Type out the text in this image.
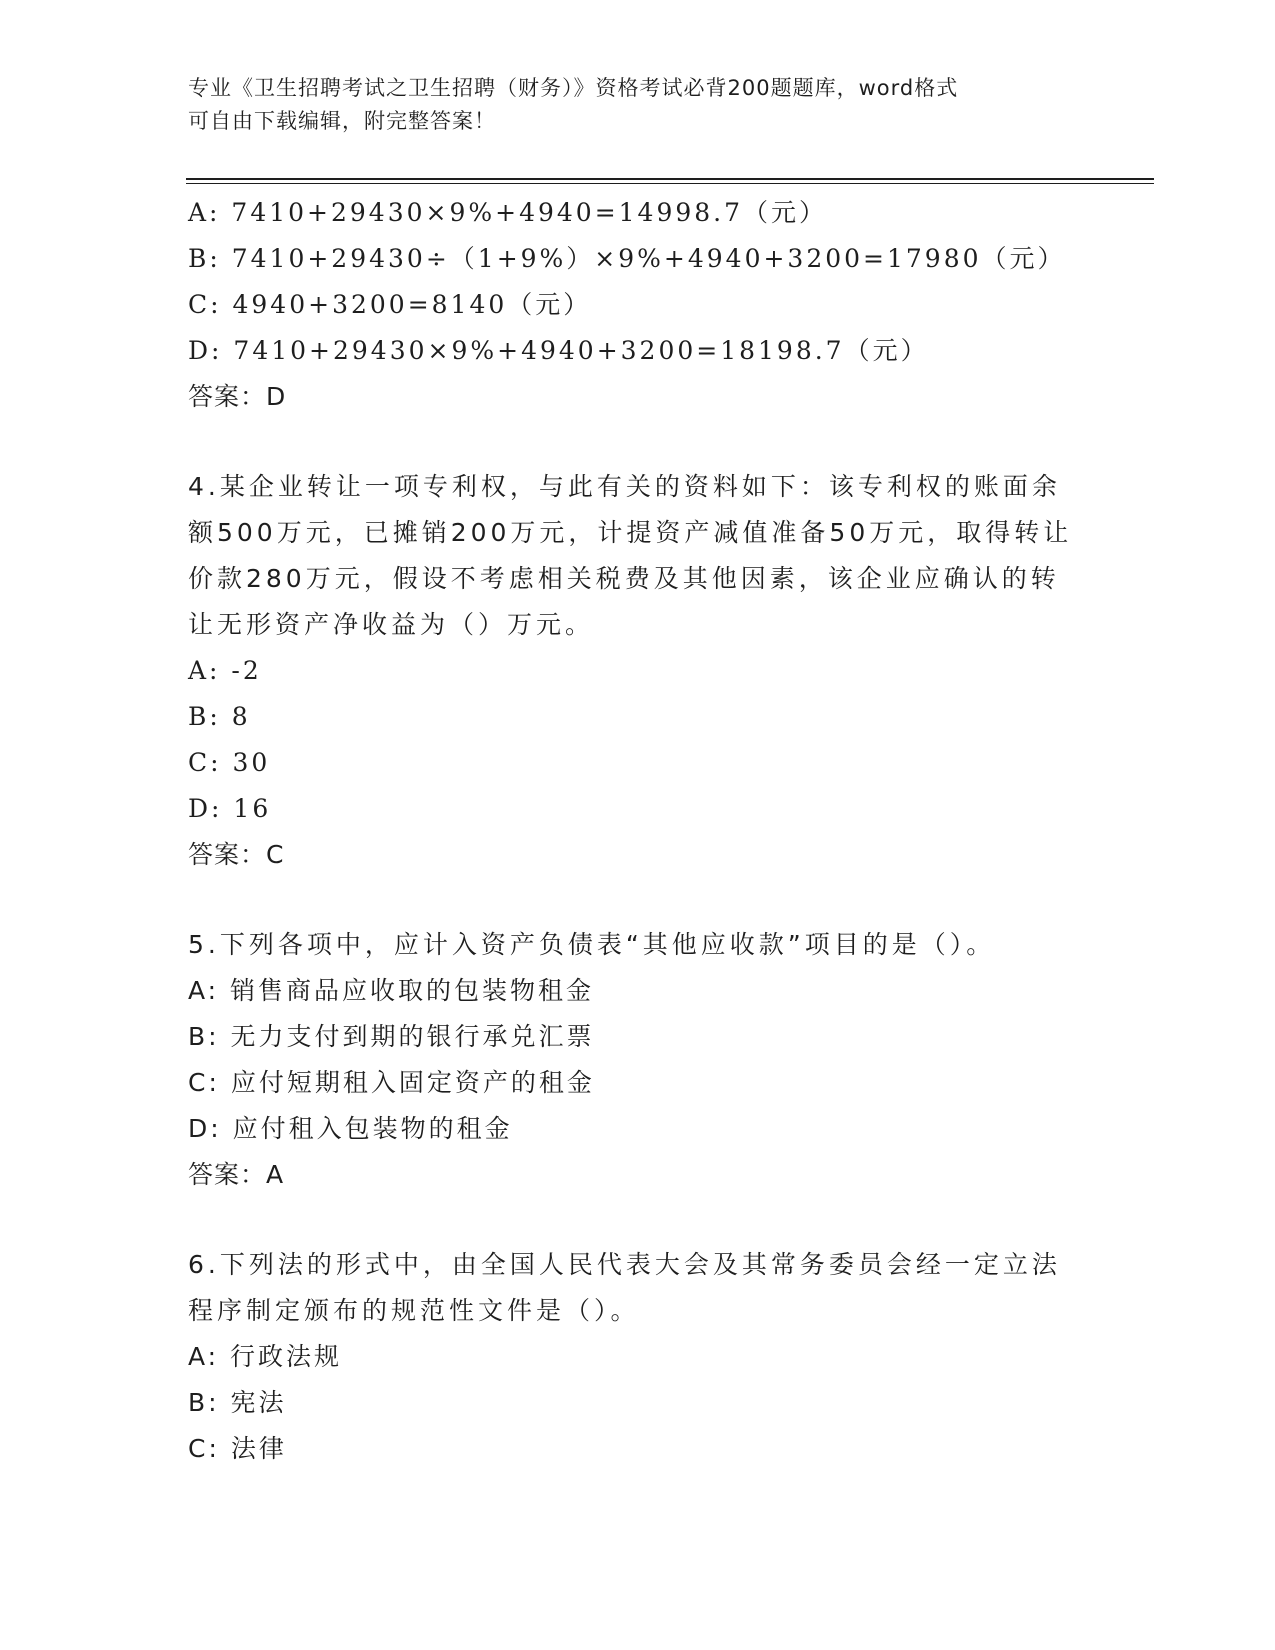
专业《卫生招聘考试之卫生招聘（财务）》资格考试必背200题题库，word格式
可自由下载编辑，附完整答案！
A: 7410+29430×9%+4940=14998.7（元）
B: 7410+29430÷（1+9%）×9%+4940+3200=17980（元）
C: 4940+3200=8140（元）
D: 7410+29430×9%+4940+3200=18198.7（元）
答案：D
4.某企业转让一项专利权，与此有关的资料如下：该专利权的账面余
额500万元，已摊销200万元，计提资产减值准备50万元，取得转让
价款280万元，假设不考虑相关税费及其他因素，该企业应确认的转
让无形资产净收益为（）万元。
A: -2
B: 8
C: 30
D: 16
答案：C
5.下列各项中，应计入资产负债表“其他应收款”项目的是（）。
A: 销售商品应收取的包装物租金
B: 无力支付到期的银行承兑汇票
C: 应付短期租入固定资产的租金
D: 应付租入包装物的租金
答案：A
6.下列法的形式中，由全国人民代表大会及其常务委员会经一定立法
程序制定颁布的规范性文件是（）。
A: 行政法规
B: 宪法
C: 法律
